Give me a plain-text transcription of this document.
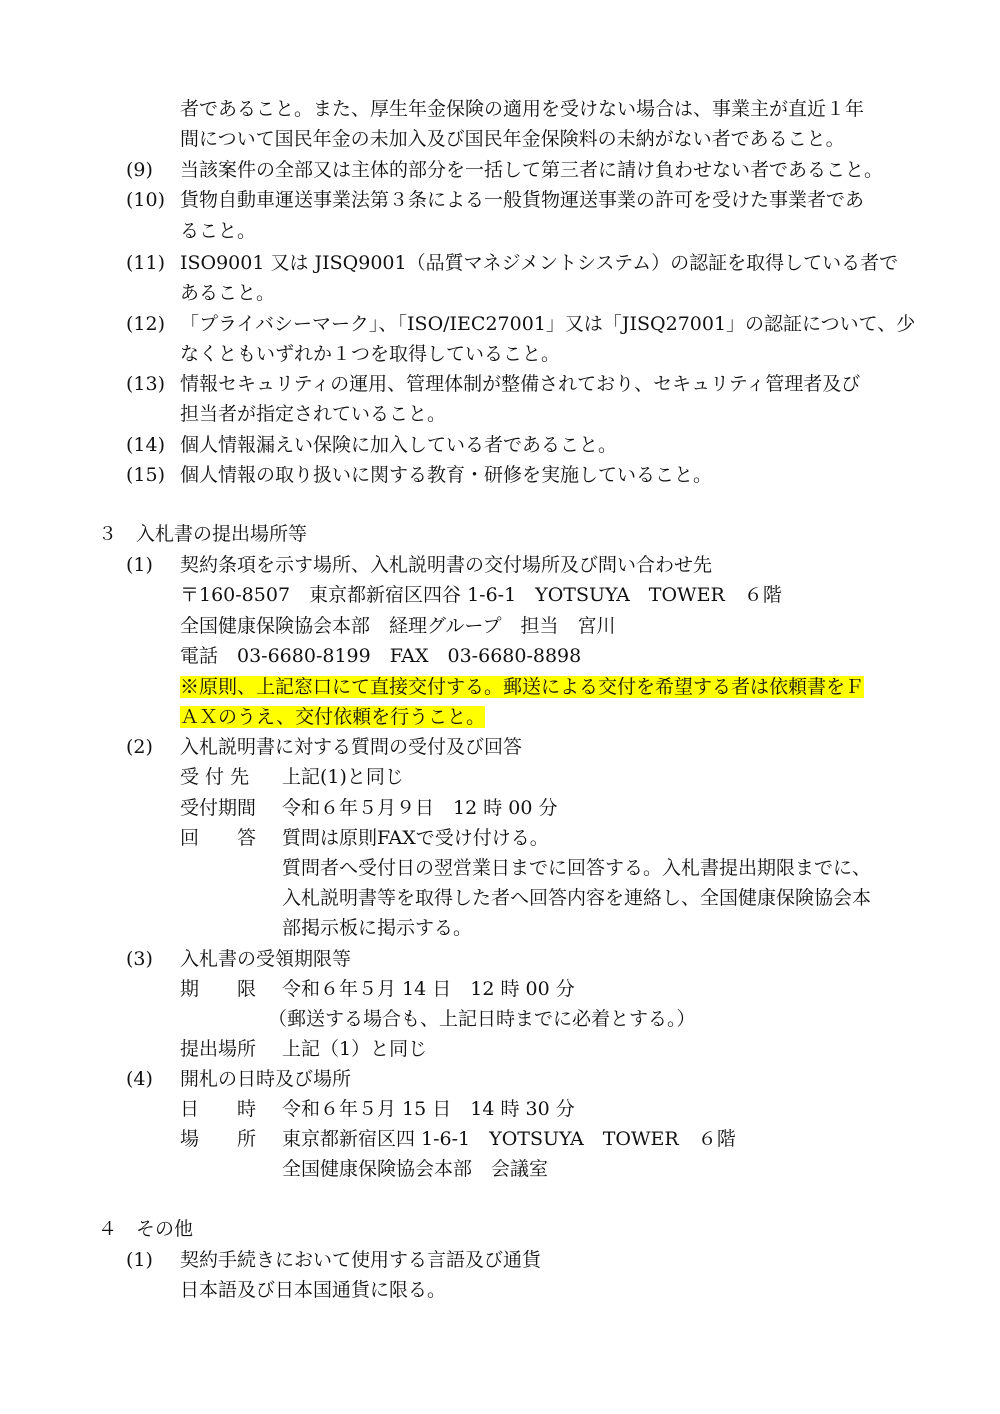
者であること。また、厚生年金保険の適用を受けない場合は、事業主が直近１年
間について国民年金の未加入及び国民年金保険料の未納がない者であること。
(9) 当該案件の全部又は主体的部分を一括して第三者に請け負わせない者であること。
(10) 貨物自動車運送事業法第３条による一般貨物運送事業の許可を受けた事業者であ
ること。
(11) ISO9001 又は JISQ9001（品質マネジメントシステム）の認証を取得している者で
あること。
(12) 「プライバシーマーク」、「ISO/IEC27001」又は「JISQ27001」の認証について、少
なくともいずれか１つを取得していること。
(13) 情報セキュリティの運用、管理体制が整備されており、セキュリティ管理者及び
担当者が指定されていること。
(14) 個人情報漏えい保険に加入している者であること。
(15) 個人情報の取り扱いに関する教育・研修を実施していること。
３ 入札書の提出場所等
(1) 契約条項を示す場所、入札説明書の交付場所及び問い合わせ先
〒160-8507　東京都新宿区四谷 1-6-1　YOTSUYA　TOWER　６階
全国健康保険協会本部　経理グループ　担当　宮川
電話　03-6680-8199　FAX　03-6680-8898
※原則、上記窓口にて直接交付する。郵送による交付を希望する者は依頼書をＦ
ＡＸのうえ、交付依頼を行うこと。
(2) 入札説明書に対する質問の受付及び回答
受 付 先 上記(1)と同じ
受付期間 令和６年５月９日　12 時 00 分
回　　答 質問は原則FAXで受け付ける。
質問者へ受付日の翌営業日までに回答する。入札書提出期限までに、
入札説明書等を取得した者へ回答内容を連絡し、全国健康保険協会本
部掲示板に掲示する。
(3) 入札書の受領期限等
期　　限 令和６年５月 14 日　12 時 00 分
（郵送する場合も、上記日時までに必着とする。）
提出場所 上記（1）と同じ
(4) 開札の日時及び場所
日　　時 令和６年５月 15 日　14 時 30 分
場　　所 東京都新宿区四 1-6-1　YOTSUYA　TOWER　６階
全国健康保険協会本部　会議室
４ その他
(1) 契約手続きにおいて使用する言語及び通貨
日本語及び日本国通貨に限る。
